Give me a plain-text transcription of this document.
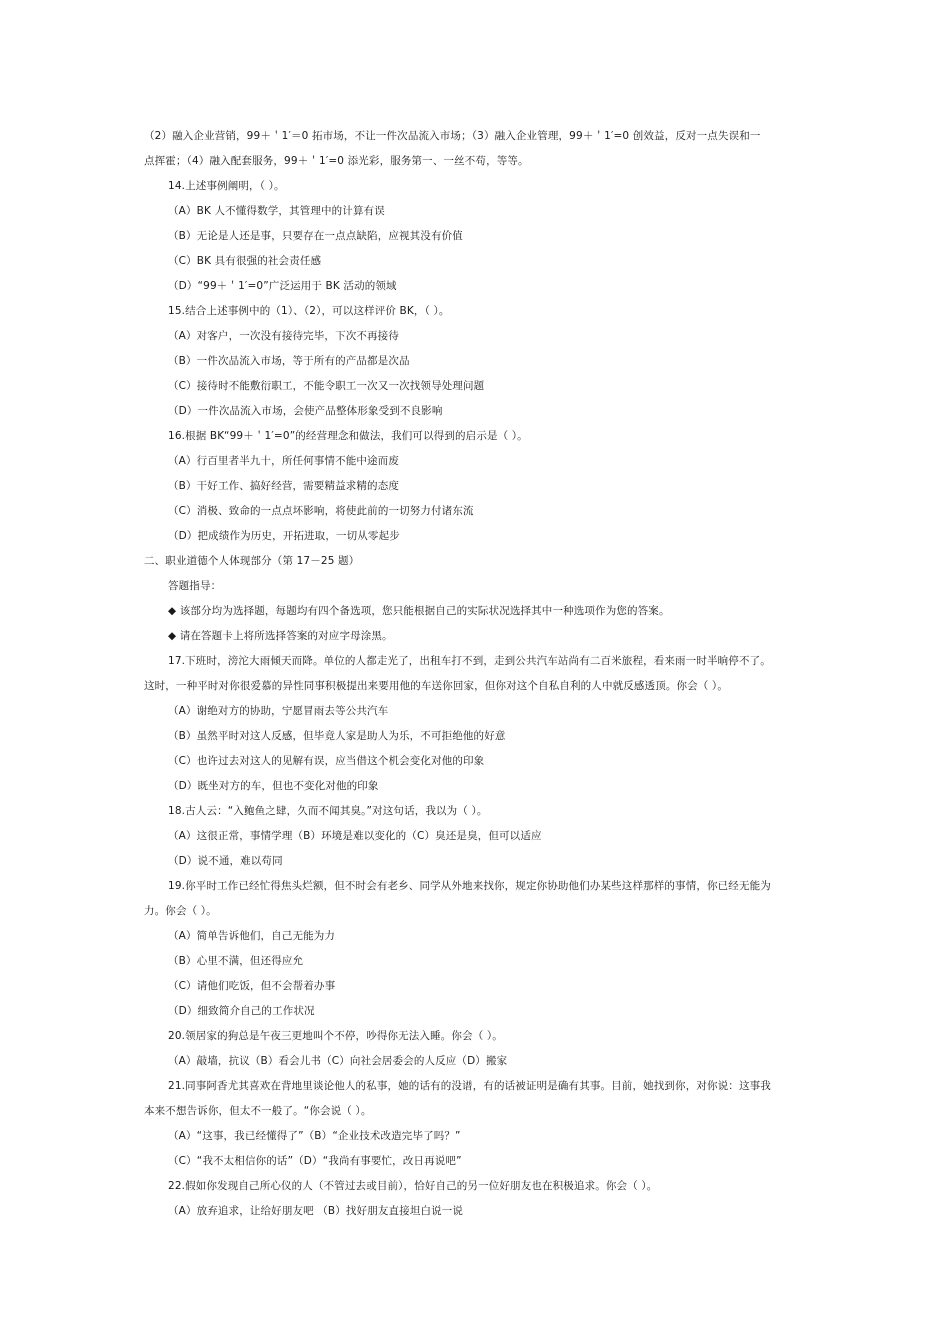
（2）融入企业营销，99＋＇1′＝0 拓市场，不让一件次品流入市场；（3）融入企业管理，99＋＇1′=0 创效益，反对一点失误和一
点挥霍；（4）融入配套服务，99＋＇1′=0 添光彩，服务第一、一丝不苟，等等。
14.上述事例阐明，（ ）。
（A）BK 人不懂得数学，其管理中的计算有误
（B）无论是人还是事，只要存在一点点缺陷，应视其没有价值
（C）BK 具有很强的社会责任感
（D）“99＋＇1′=0”广泛运用于 BK 活动的领域
15.结合上述事例中的（1）、（2），可以这样评价 BK，（ ）。
（A）对客户，一次没有接待完毕，下次不再接待
（B）一件次品流入市场，等于所有的产品都是次品
（C）接待时不能敷衍职工，不能令职工一次又一次找领导处理问题
（D）一件次品流入市场，会使产品整体形象受到不良影响
16.根据 BK“99＋＇1′=0”的经营理念和做法，我们可以得到的启示是（ ）。
（A）行百里者半九十，所任何事情不能中途而废
（B）干好工作、搞好经营，需要精益求精的态度
（C）消极、致命的一点点坏影响，将使此前的一切努力付诸东流
（D）把成绩作为历史，开拓进取，一切从零起步
二、职业道德个人体现部分（第 17－25 题）
答题指导：
◆ 该部分均为选择题，每题均有四个备选项，您只能根据自己的实际状况选择其中一种选项作为您的答案。
◆ 请在答题卡上将所选择答案的对应字母涂黑。
17.下班时，滂沱大雨倾天而降。单位的人都走光了，出租车打不到，走到公共汽车站尚有二百米旅程，看来雨一时半晌停不了。
这时，一种平时对你很爱慕的异性同事积极提出来要用他的车送你回家，但你对这个自私自利的人中就反感透顶。你会（ ）。
（A）谢绝对方的协助，宁愿冒雨去等公共汽车
（B）虽然平时对这人反感，但毕竟人家是助人为乐，不可拒绝他的好意
（C）也许过去对这人的见解有误，应当借这个机会变化对他的印象
（D）既坐对方的车，但也不变化对他的印象
18.古人云：“入鲍鱼之肆，久而不闻其臭。”对这句话，我以为（ ）。
（A）这很正常，事情学理（B）环境是难以变化的（C）臭还是臭，但可以适应
（D）说不通，难以苟同
19.你平时工作已经忙得焦头烂额，但不时会有老乡、同学从外地来找你，规定你协助他们办某些这样那样的事情，你已经无能为
力。你会（ ）。
（A）简单告诉他们，自己无能为力
（B）心里不满，但还得应允
（C）请他们吃饭，但不会帮着办事
（D）细致简介自己的工作状况
20.领居家的狗总是午夜三更地叫个不停，吵得你无法入睡。你会（ ）。
（A）敲墙，抗议（B）看会儿书（C）向社会居委会的人反应（D）搬家
21.同事阿香尤其喜欢在背地里谈论他人的私事，她的话有的没谱，有的话被证明是确有其事。目前，她找到你，对你说：这事我
本来不想告诉你，但太不一般了。“你会说（ ）。
（A）“这事，我已经懂得了”（B）“企业技术改造完毕了吗？”
（C）“我不太相信你的话”（D）“我尚有事要忙，改日再说吧”
22.假如你发现自己所心仪的人（不管过去或目前），恰好自己的另一位好朋友也在积极追求。你会（ ）。
（A）放弃追求，让给好朋友吧 （B）找好朋友直接坦白说一说
